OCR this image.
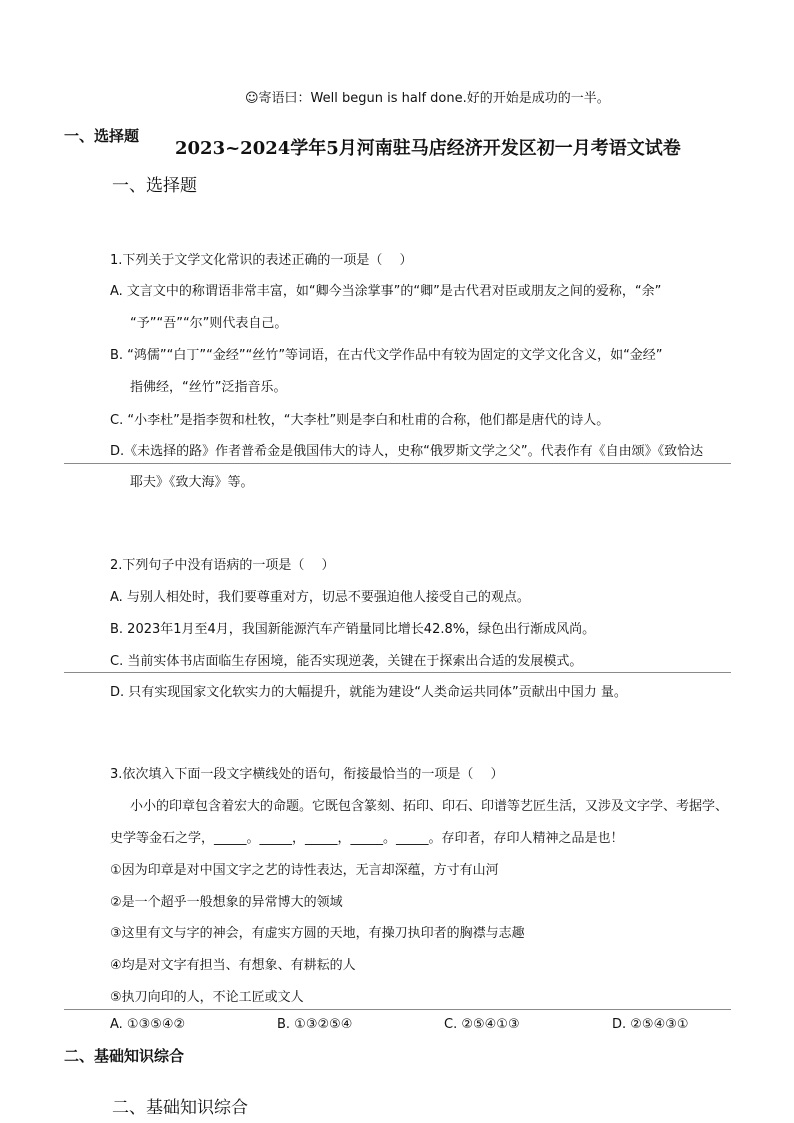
☺寄语曰：Well begun is half done.好的开始是成功的一半。
一、选择题
2023~2024学年5月河南驻马店经济开发区初一月考语文试卷
一、选择题
1.下列关于文学文化常识的表述正确的一项是（　 ）
A. 文言文中的称谓语非常丰富，如“卿今当涂掌事”的“卿”是古代君对臣或朋友之间的爱称，“余”
“予”“吾”“尔”则代表自己。
B. “鸿儒”“白丁”“金经”“丝竹”等词语，在古代文学作品中有较为固定的文学文化含义，如“金经”
指佛经，“丝竹”泛指音乐。
C. “小李杜”是指李贺和杜牧，“大李杜”则是李白和杜甫的合称，他们都是唐代的诗人。
D.《未选择的路》作者普希金是俄国伟大的诗人，史称“俄罗斯文学之父”。代表作有《自由颂》《致恰达
耶夫》《致大海》等。
2.下列句子中没有语病的一项是（　 ）
A. 与别人相处时，我们要尊重对方，切忌不要强迫他人接受自己的观点。
B. 2023年1月至4月，我国新能源汽车产销量同比增长42.8%，绿色出行渐成风尚。
C. 当前实体书店面临生存困境，能否实现逆袭，关键在于探索出合适的发展模式。
D. 只有实现国家文化软实力的大幅提升，就能为建设“人类命运共同体”贡献出中国力 量。
3.依次填入下面一段文字横线处的语句，衔接最恰当的一项是（　 ）
小小的印章包含着宏大的命题。它既包含篆刻、拓印、印石、印谱等艺匠生活，又涉及文字学、考据学、
史学等金石之学，_____。_____，_____，_____。_____。存印者，存印人精神之品是也！
①因为印章是对中国文字之艺的诗性表达，无言却深蕴，方寸有山河
②是一个超乎一般想象的异常博大的领域
③这里有文与字的神会，有虚实方圆的天地，有操刀执印者的胸襟与志趣
④均是对文字有担当、有想象、有耕耘的人
⑤执刀向印的人，不论工匠或文人
A. ①③⑤④②	B. ①③②⑤④	C. ②⑤④①③	D. ②⑤④③①
二、基础知识综合
二、基础知识综合
